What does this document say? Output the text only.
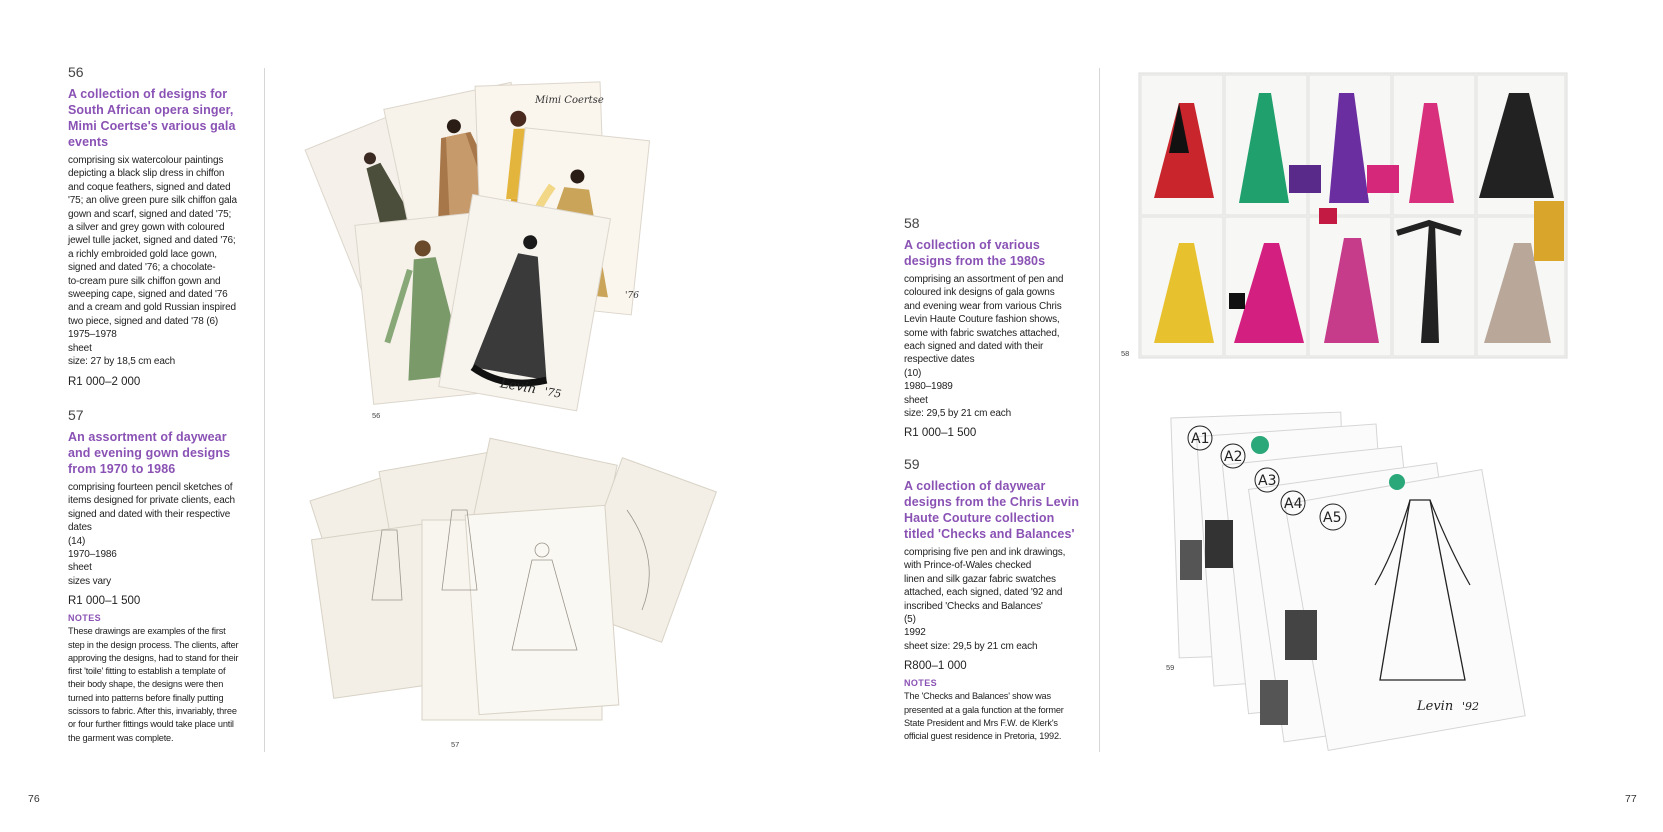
56
A collection of designs for
South African opera singer,
Mimi Coertse's various gala
events
comprising six watercolour paintings
depicting a black slip dress in chiffon
and coque feathers, signed and dated
'75; an olive green pure silk chiffon gala
gown and scarf, signed and dated '75;
a silver and grey gown with coloured
jewel tulle jacket, signed and dated '76;
a richly embroided gold lace gown,
signed and dated '76; a chocolate-
to-cream pure silk chiffon gown and
sweeping cape, signed and dated '76
and a cream and gold Russian inspired
two piece, signed and dated '78 (6)
1975–1978
sheet
size: 27 by 18,5 cm each
R1 000–2 000
57
An assortment of daywear
and evening gown designs
from 1970 to 1986
comprising fourteen pencil sketches of
items designed for private clients, each
signed and dated with their respective
dates
(14)
1970–1986
sheet
sizes vary
R1 000–1 500
NOTES
These drawings are examples of the first
step in the design process. The clients, after
approving the designs, had to stand for their
first 'toile' fitting to establish a template of
their body shape, the designs were then
turned into patterns before finally putting
scissors to fabric. After this, invariably, three
or four further fittings would take place until
the garment was complete.
58
A collection of various
designs from the 1980s
comprising an assortment of pen and
coloured ink designs of gala gowns
and evening wear from various Chris
Levin Haute Couture fashion shows,
some with fabric swatches attached,
each signed and dated with their
respective dates
(10)
1980–1989
sheet
size: 29,5 by 21 cm each
R1 000–1 500
59
A collection of daywear
designs from the Chris Levin
Haute Couture collection
titled 'Checks and Balances'
comprising five pen and ink drawings,
with Prince-of-Wales checked
linen and silk gazar fabric swatches
attached, each signed, dated '92 and
inscribed 'Checks and Balances'
(5)
1992
sheet size: 29,5 by 21 cm each
R800–1 000
NOTES
The 'Checks and Balances' show was
presented at a gala function at the former
State President and Mrs F.W. de Klerk's
official guest residence in Pretoria, 1992.
Levin '75
Mimi Coertse
'76
56
57
58
A1
A2
A3
A4
A5
Levin '92
59
76	77
